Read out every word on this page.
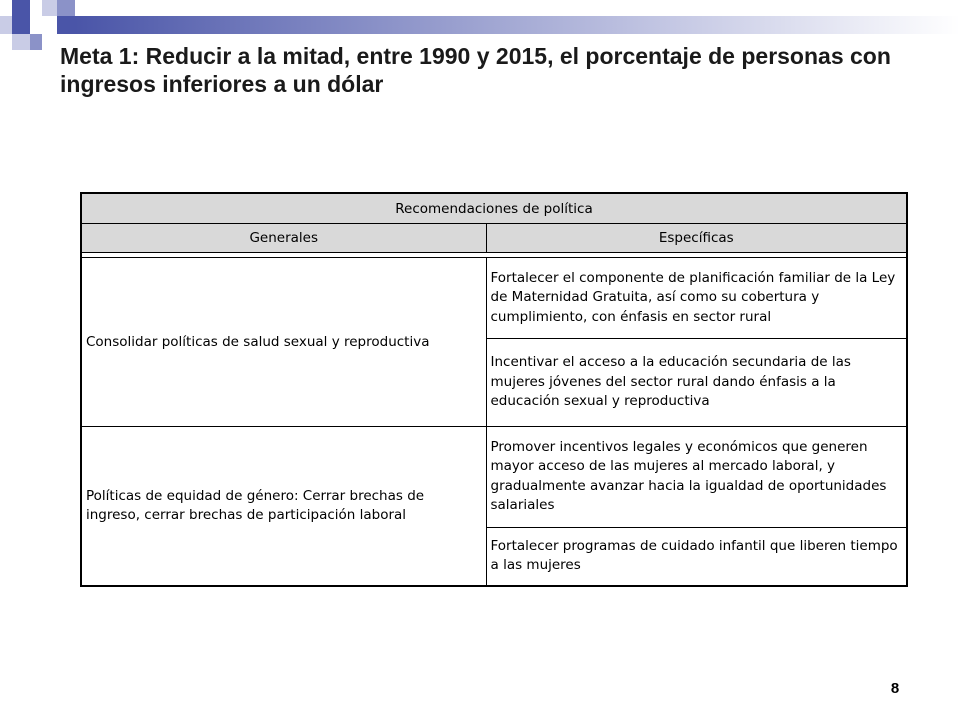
Meta 1: Reducir a la mitad, entre 1990 y 2015, el porcentaje de personas con ingresos inferiores a un dólar
Recomendaciones de política	
Generales	Específicas

Consolidar políticas de salud sexual y reproductiva	Fortalecer el componente de planificación familiar de la Ley de Maternidad Gratuita, así como su cobertura y cumplimiento, con énfasis en sector rural
	Incentivar el acceso a la educación secundaria de las mujeres jóvenes del sector rural dando énfasis a la educación sexual y reproductiva
Políticas de equidad de género: Cerrar brechas de ingreso, cerrar brechas de participación laboral	Promover incentivos legales y económicos que generen mayor acceso de las mujeres al mercado laboral, y gradualmente avanzar hacia la igualdad de oportunidades salariales
	Fortalecer programas de cuidado infantil que liberen tiempo a las mujeres
8
